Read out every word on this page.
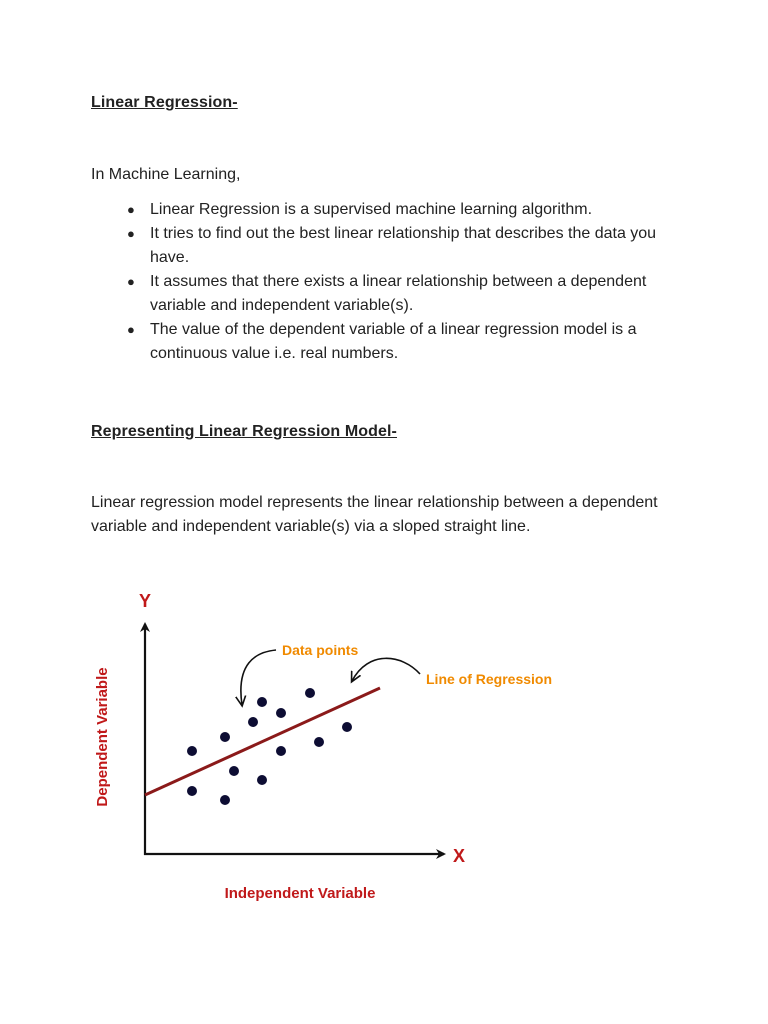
Linear Regression-

In Machine Learning,

● Linear Regression is a supervised machine learning algorithm.
● It tries to find out the best linear relationship that describes the data you have.
● It assumes that there exists a linear relationship between a dependent variable and independent variable(s).
● The value of the dependent variable of a linear regression model is a continuous value i.e. real numbers.
Representing Linear Regression Model-

Linear regression model represents the linear relationship between a dependent variable and independent variable(s) via a sloped straight line.

Y
X
Dependent Variable
Independent Variable
Data points
Line of Regression
